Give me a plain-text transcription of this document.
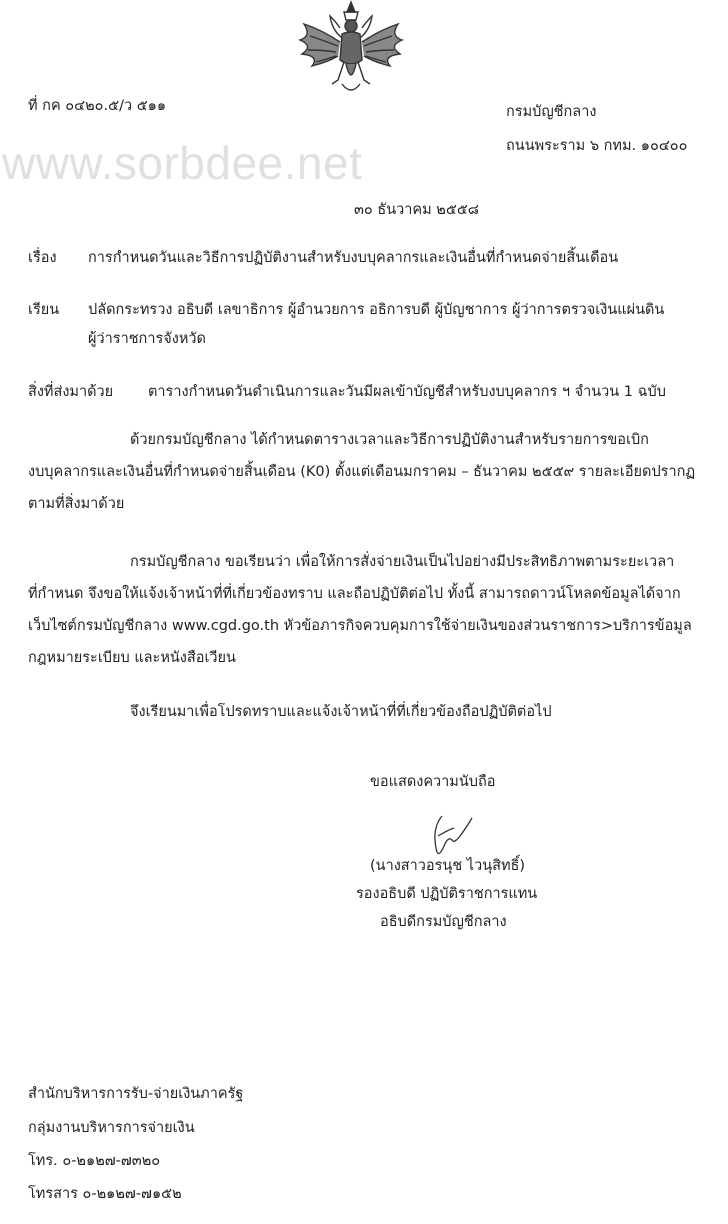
www.sorbdee.net
ที่ กค ๐๔๒๐.๕/ว ๕๑๑	กรมบัญชีกลาง
ถนนพระราม ๖ กทม. ๑๐๔๐๐
๓๐ ธันวาคม ๒๕๕๘
เรื่อง การกำหนดวันและวิธีการปฏิบัติงานสำหรับงบบุคลากรและเงินอื่นที่กำหนดจ่ายสิ้นเดือน
เรียน ปลัดกระทรวง อธิบดี เลขาธิการ ผู้อำนวยการ อธิการบดี ผู้บัญชาการ ผู้ว่าการตรวจเงินแผ่นดิน
ผู้ว่าราชการจังหวัด
สิ่งที่ส่งมาด้วย ตารางกำหนดวันดำเนินการและวันมีผลเข้าบัญชีสำหรับงบบุคลากร ฯ จำนวน 1 ฉบับ
ด้วยกรมบัญชีกลาง ได้กำหนดตารางเวลาและวิธีการปฏิบัติงานสำหรับรายการขอเบิก
งบบุคลากรและเงินอื่นที่กำหนดจ่ายสิ้นเดือน (K0) ตั้งแต่เดือนมกราคม – ธันวาคม ๒๕๕๙ รายละเอียดปรากฏ
ตามที่สิ่งมาด้วย
กรมบัญชีกลาง ขอเรียนว่า เพื่อให้การสั่งจ่ายเงินเป็นไปอย่างมีประสิทธิภาพตามระยะเวลา
ที่กำหนด จึงขอให้แจ้งเจ้าหน้าที่ที่เกี่ยวข้องทราบ และถือปฏิบัติต่อไป ทั้งนี้ สามารถดาวน์โหลดข้อมูลได้จาก
เว็บไซต์กรมบัญชีกลาง www.cgd.go.th หัวข้อภารกิจควบคุมการใช้จ่ายเงินของส่วนราชการ>บริการข้อมูล
กฎหมายระเบียบ และหนังสือเวียน
จึงเรียนมาเพื่อโปรดทราบและแจ้งเจ้าหน้าที่ที่เกี่ยวข้องถือปฏิบัติต่อไป
ขอแสดงความนับถือ
(นางสาวอรนุช ไวนุสิทธิ์)
รองอธิบดี ปฏิบัติราชการแทน
อธิบดีกรมบัญชีกลาง
สำนักบริหารการรับ-จ่ายเงินภาครัฐ
กลุ่มงานบริหารการจ่ายเงิน
โทร. ๐-๒๑๒๗-๗๓๒๐
โทรสาร ๐-๒๑๒๗-๗๑๕๒
